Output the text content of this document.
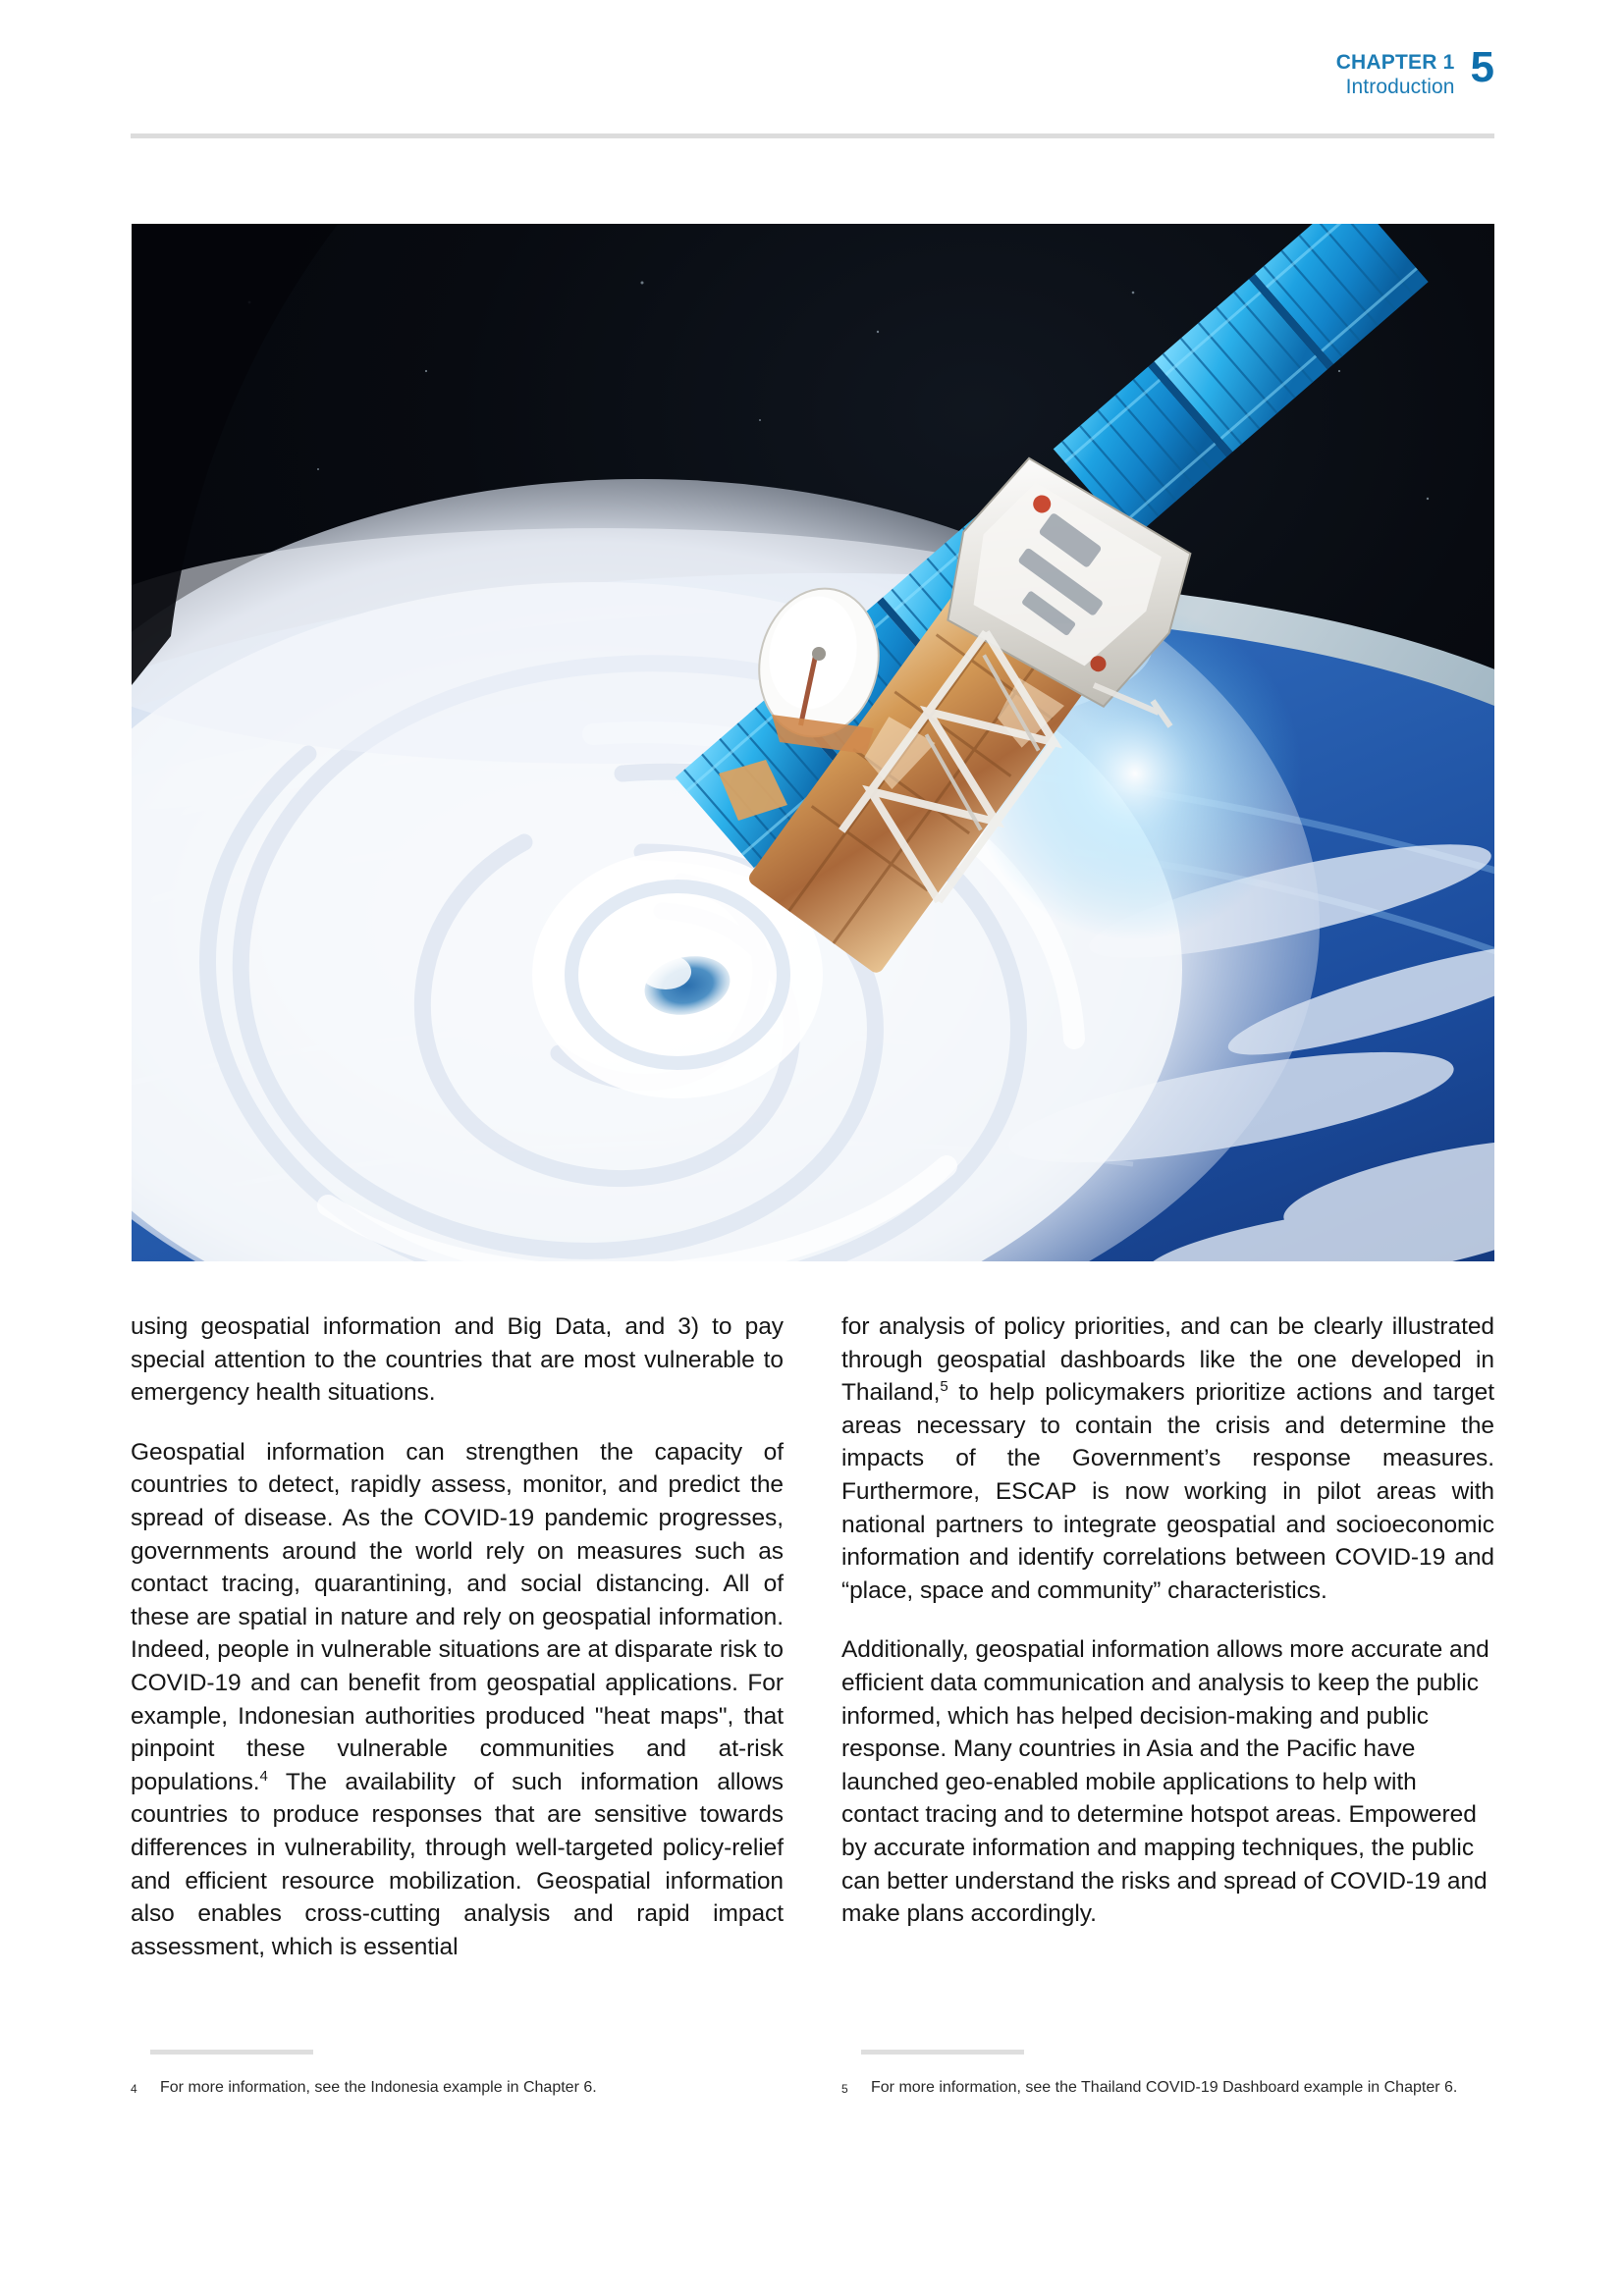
CHAPTER 1
Introduction 5

using geospatial information and Big Data, and 3) to pay special attention to the countries that are most vulnerable to emergency health situations.

Geospatial information can strengthen the capacity of countries to detect, rapidly assess, monitor, and predict the spread of disease. As the COVID-19 pandemic progresses, governments around the world rely on measures such as contact tracing, quarantining, and social distancing. All of these are spatial in nature and rely on geospatial information. Indeed, people in vulnerable situations are at disparate risk to COVID-19 and can benefit from geospatial applications. For example, Indonesian authorities produced "heat maps", that pinpoint these vulnerable communities and at-risk populations.$^4$ The availability of such information allows countries to produce responses that are sensitive towards differences in vulnerability, through well-targeted policy-relief and efficient resource mobilization. Geospatial information also enables cross-cutting analysis and rapid impact assessment, which is essential

for analysis of policy priorities, and can be clearly illustrated through geospatial dashboards like the one developed in Thailand,$^5$ to help policymakers prioritize actions and target areas necessary to contain the crisis and determine the impacts of the Government’s response measures. Furthermore, ESCAP is now working in pilot areas with national partners to integrate geospatial and socioeconomic information and identify correlations between COVID-19 and “place, space and community” characteristics.

Additionally, geospatial information allows more accurate and efficient data communication and analysis to keep the public informed, which has helped decision-making and public response. Many countries in Asia and the Pacific have launched geo-enabled mobile applications to help with contact tracing and to determine hotspot areas. Empowered by accurate information and mapping techniques, the public can better understand the risks and spread of COVID-19 and make plans accordingly.

4	For more information, see the Indonesia example in Chapter 6.	5	For more information, see the Thailand COVID-19 Dashboard example in Chapter 6.
